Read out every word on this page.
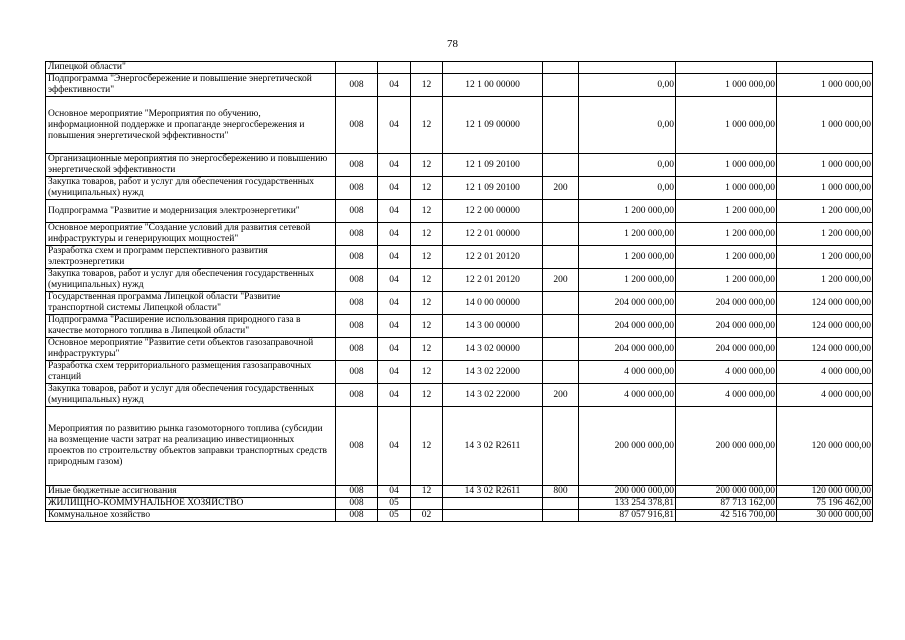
78
Липецкой области"								
Подпрограмма "Энергосбережение и повышение энергетической эффективности"	008	04	12	12 1 00 00000		0,00	1 000 000,00	1 000 000,00
Основное мероприятие "Мероприятия по обучению, информационной поддержке и пропаганде энергосбережения и повышения энергетической эффективности"	008	04	12	12 1 09 00000		0,00	1 000 000,00	1 000 000,00
Организационные мероприятия по энергосбережению и повышению энергетической эффективности	008	04	12	12 1 09 20100		0,00	1 000 000,00	1 000 000,00
Закупка товаров, работ и услуг для обеспечения государственных (муниципальных) нужд	008	04	12	12 1 09 20100	200	0,00	1 000 000,00	1 000 000,00
Подпрограмма "Развитие и модернизация электроэнергетики"	008	04	12	12 2 00 00000		1 200 000,00	1 200 000,00	1 200 000,00
Основное мероприятие "Создание условий для развития сетевой инфраструктуры и генерирующих мощностей"	008	04	12	12 2 01 00000		1 200 000,00	1 200 000,00	1 200 000,00
Разработка схем и программ перспективного развития электроэнергетики	008	04	12	12 2 01 20120		1 200 000,00	1 200 000,00	1 200 000,00
Закупка товаров, работ и услуг для обеспечения государственных (муниципальных) нужд	008	04	12	12 2 01 20120	200	1 200 000,00	1 200 000,00	1 200 000,00
Государственная программа Липецкой области "Развитие транспортной системы Липецкой области"	008	04	12	14 0 00 00000		204 000 000,00	204 000 000,00	124 000 000,00
Подпрограмма "Расширение использования природного газа в качестве моторного топлива в Липецкой области"	008	04	12	14 3 00 00000		204 000 000,00	204 000 000,00	124 000 000,00
Основное мероприятие "Развитие сети объектов газозаправочной инфраструктуры"	008	04	12	14 3 02 00000		204 000 000,00	204 000 000,00	124 000 000,00
Разработка схем территориального размещения газозаправочных станций	008	04	12	14 3 02 22000		4 000 000,00	4 000 000,00	4 000 000,00
Закупка товаров, работ и услуг для обеспечения государственных (муниципальных) нужд	008	04	12	14 3 02 22000	200	4 000 000,00	4 000 000,00	4 000 000,00
Мероприятия по развитию рынка газомоторного топлива (субсидии на возмещение части затрат на реализацию инвестиционных проектов по строительству объектов заправки транспортных средств природным газом)	008	04	12	14 3 02 R2611		200 000 000,00	200 000 000,00	120 000 000,00
Иные бюджетные ассигнования	008	04	12	14 3 02 R2611	800	200 000 000,00	200 000 000,00	120 000 000,00
ЖИЛИЩНО-КОММУНАЛЬНОЕ ХОЗЯЙСТВО	008	05				133 254 378,81	87 713 162,00	75 196 462,00
Коммунальное хозяйство	008	05	02			87 057 916,81	42 516 700,00	30 000 000,00
